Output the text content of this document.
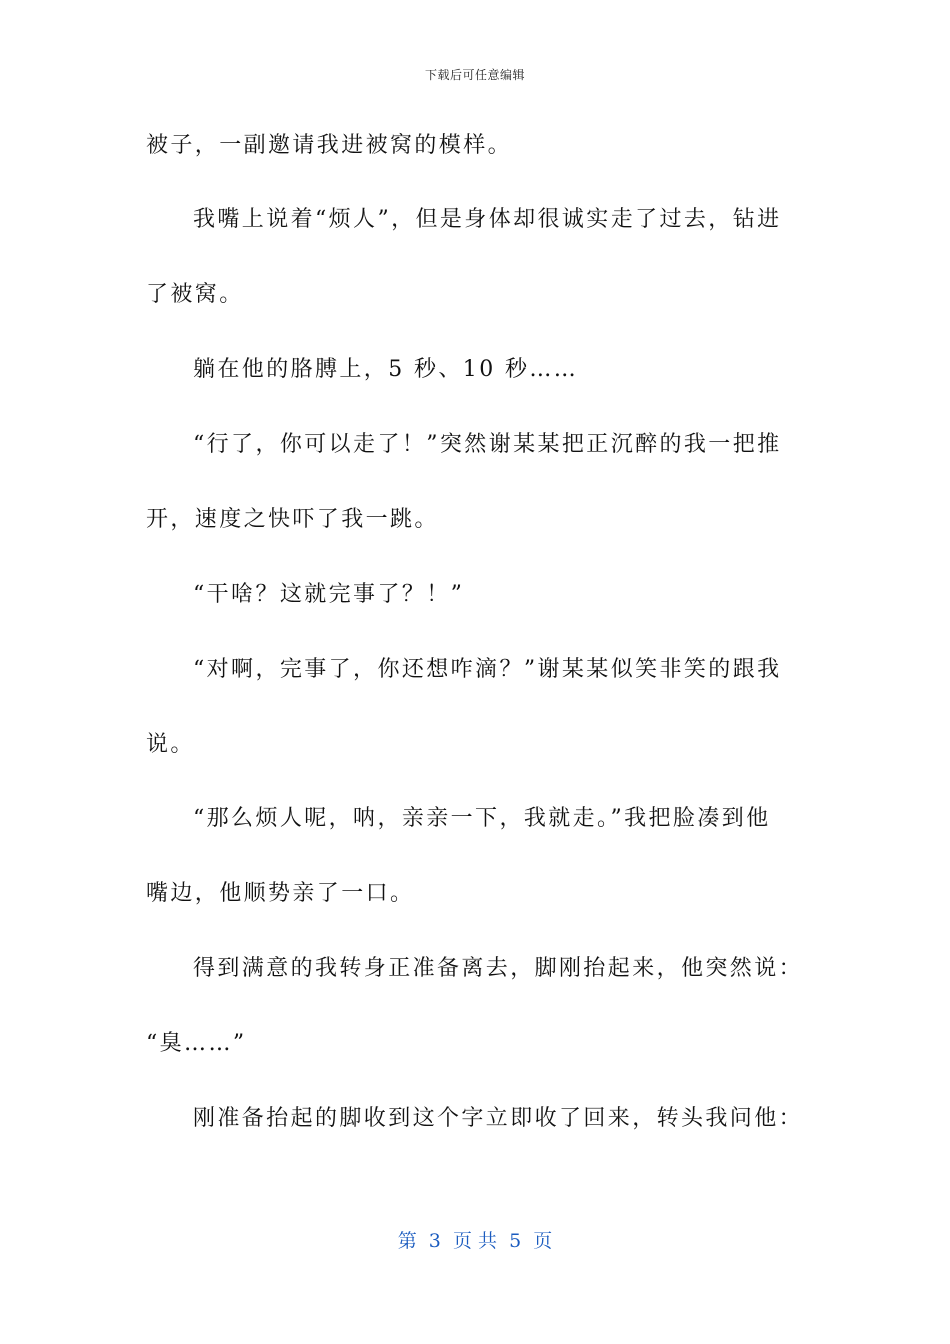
下载后可任意编辑
被子，一副邀请我进被窝的模样。
我嘴上说着“烦人”，但是身体却很诚实走了过去，钻进
了被窝。
躺在他的胳膊上，5 秒、10 秒……
“行了，你可以走了！”突然谢某某把正沉醉的我一把推
开，速度之快吓了我一跳。
“干啥？这就完事了？！”
“对啊，完事了，你还想咋滴？”谢某某似笑非笑的跟我
说。
“那么烦人呢，呐，亲亲一下，我就走。”我把脸凑到他
嘴边，他顺势亲了一口。
得到满意的我转身正准备离去，脚刚抬起来，他突然说：
“臭……”
刚准备抬起的脚收到这个字立即收了回来，转头我问他：
第  3  页 共  5  页
